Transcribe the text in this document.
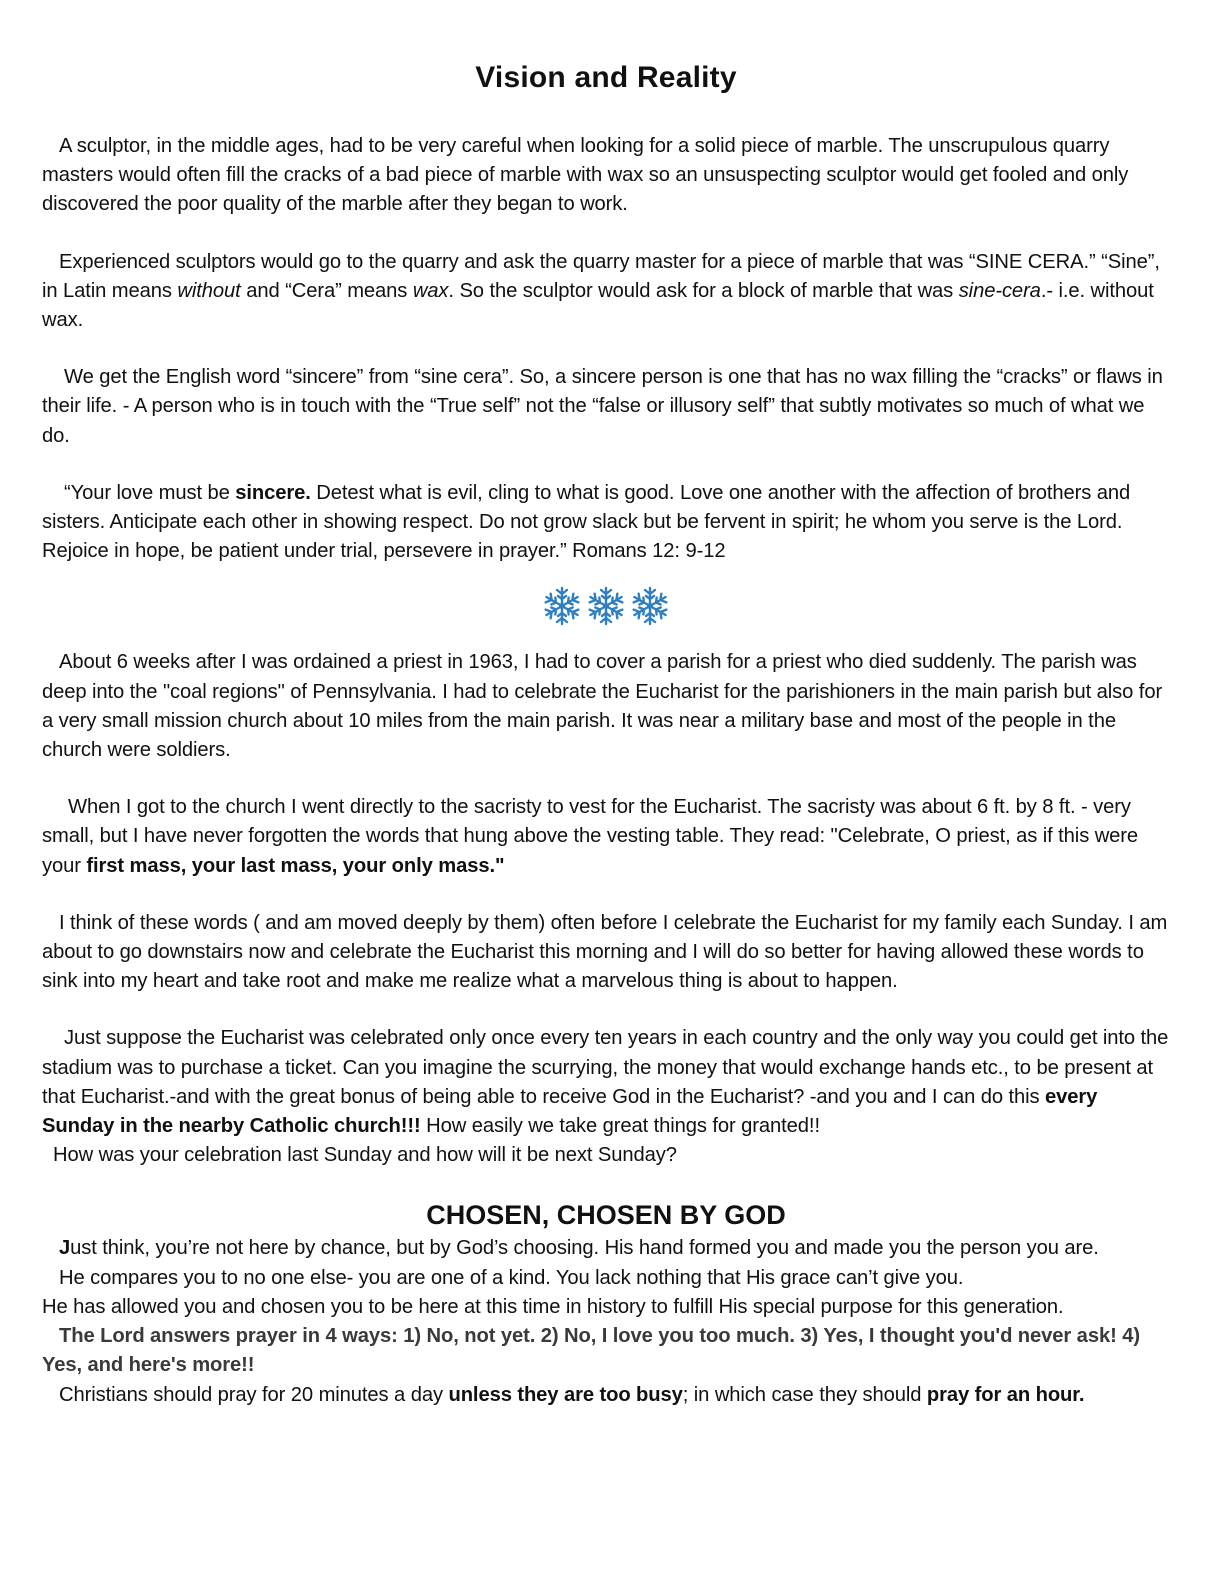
Vision and Reality

A sculptor, in the middle ages, had to be very careful when looking for a solid piece of marble. The unscrupulous quarry masters would often fill the cracks of a bad piece of marble with wax so an unsuspecting sculptor would get fooled and only discovered the poor quality of the marble after they began to work.

Experienced sculptors would go to the quarry and ask the quarry master for a piece of marble that was “SINE CERA.” “Sine”, in Latin means without and “Cera” means wax. So the sculptor would ask for a block of marble that was sine-cera.- i.e. without wax.

We get the English word “sincere” from “sine cera”. So, a sincere person is one that has no wax filling the “cracks” or flaws in their life. - A person who is in touch with the “True self” not the “false or illusory self” that subtly motivates so much of what we do.

“Your love must be sincere. Detest what is evil, cling to what is good. Love one another with the affection of brothers and sisters. Anticipate each other in showing respect. Do not grow slack but be fervent in spirit; he whom you serve is the Lord. Rejoice in hope, be patient under trial, persevere in prayer.” Romans 12: 9-12

About 6 weeks after I was ordained a priest in 1963, I had to cover a parish for a priest who died suddenly. The parish was deep into the "coal regions" of Pennsylvania. I had to celebrate the Eucharist for the parishioners in the main parish but also for a very small mission church about 10 miles from the main parish. It was near a military base and most of the people in the church were soldiers.

When I got to the church I went directly to the sacristy to vest for the Eucharist. The sacristy was about 6 ft. by 8 ft. - very small, but I have never forgotten the words that hung above the vesting table. They read: "Celebrate, O priest, as if this were your first mass, your last mass, your only mass."

I think of these words ( and am moved deeply by them) often before I celebrate the Eucharist for my family each Sunday. I am about to go downstairs now and celebrate the Eucharist this morning and I will do so better for having allowed these words to sink into my heart and take root and make me realize what a marvelous thing is about to happen.

Just suppose the Eucharist was celebrated only once every ten years in each country and the only way you could get into the stadium was to purchase a ticket. Can you imagine the scurrying, the money that would exchange hands etc., to be present at that Eucharist.-and with the great bonus of being able to receive God in the Eucharist? -and you and I can do this every Sunday in the nearby Catholic church!!! How easily we take great things for granted!!

How was your celebration last Sunday and how will it be next Sunday?

CHOSEN, CHOSEN BY GOD

Just think, you’re not here by chance, but by God’s choosing. His hand formed you and made you the person you are.

He compares you to no one else- you are one of a kind. You lack nothing that His grace can’t give you.

He has allowed you and chosen you to be here at this time in history to fulfill His special purpose for this generation.

The Lord answers prayer in 4 ways: 1) No, not yet. 2) No, I love you too much. 3) Yes, I thought you'd never ask! 4) Yes, and here's more!!

Christians should pray for 20 minutes a day unless they are too busy; in which case they should pray for an hour.
